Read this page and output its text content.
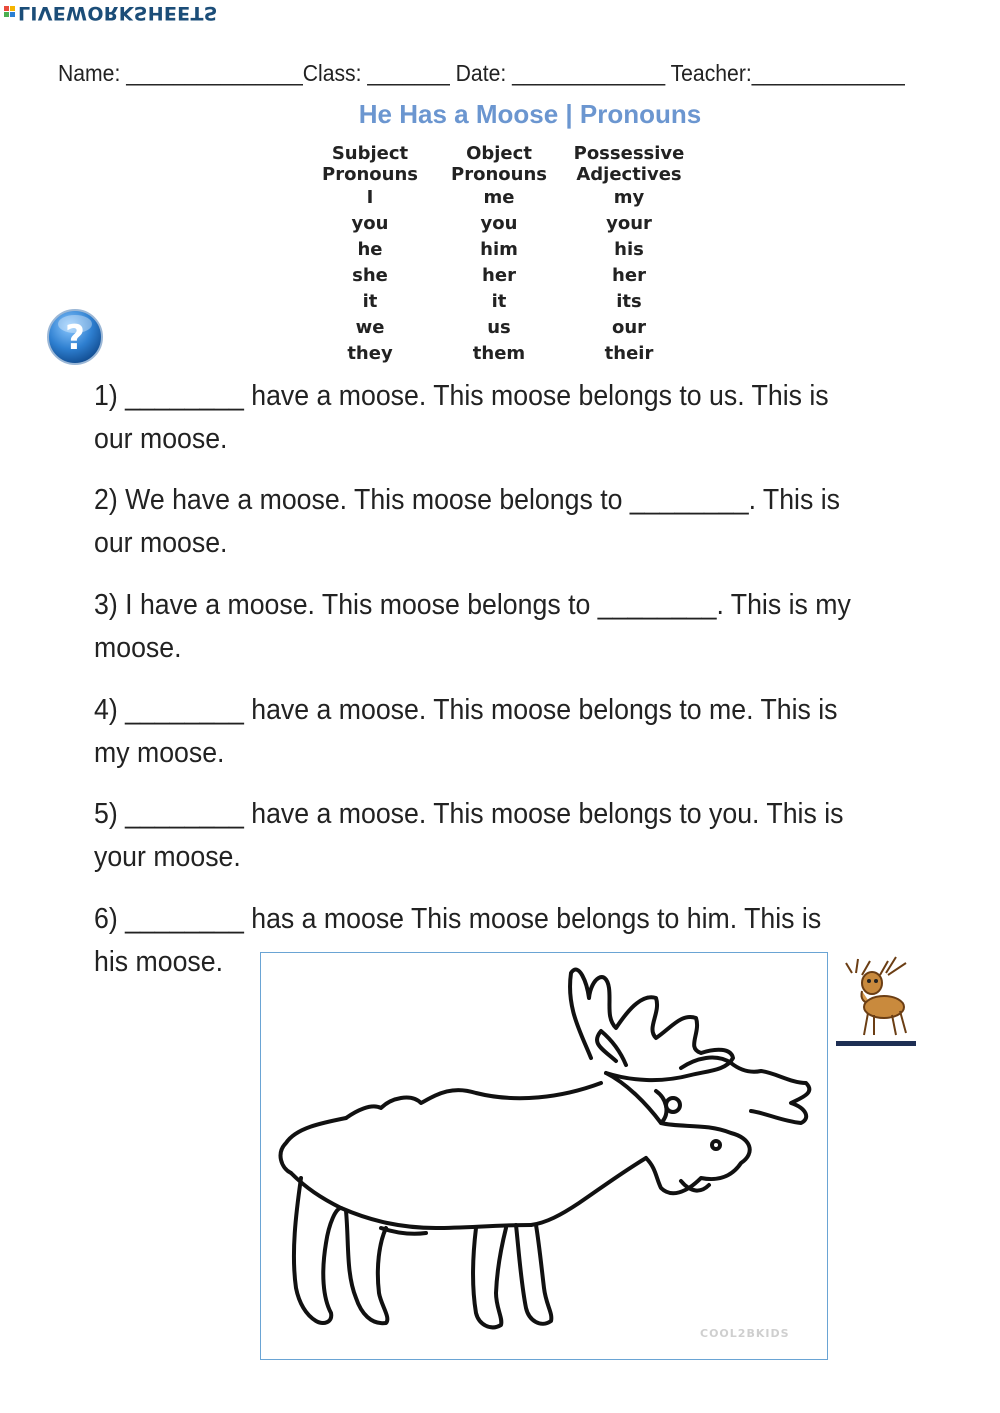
LIVEWORKSHEETS
Name: _______________Class: _______ Date: _____________ Teacher:_____________
He Has a Moose | Pronouns
Subject
Pronouns
I
you
he
she
it
we
they
Object
Pronouns
me
you
him
her
it
us
them
Possessive
Adjectives
my
your
his
her
its
our
their
?
1) ________ have a moose. This moose belongs to us. This is our moose.
2) We have a moose. This moose belongs to ________. This is our moose.
3) I have a moose. This moose belongs to ________. This is my moose.
4) ________ have a moose. This moose belongs to me. This is my moose.
5) ________ have a moose. This moose belongs to you. This is your moose.
6) ________ has a moose This moose belongs to him. This is his moose.
COOL2BKIDS
